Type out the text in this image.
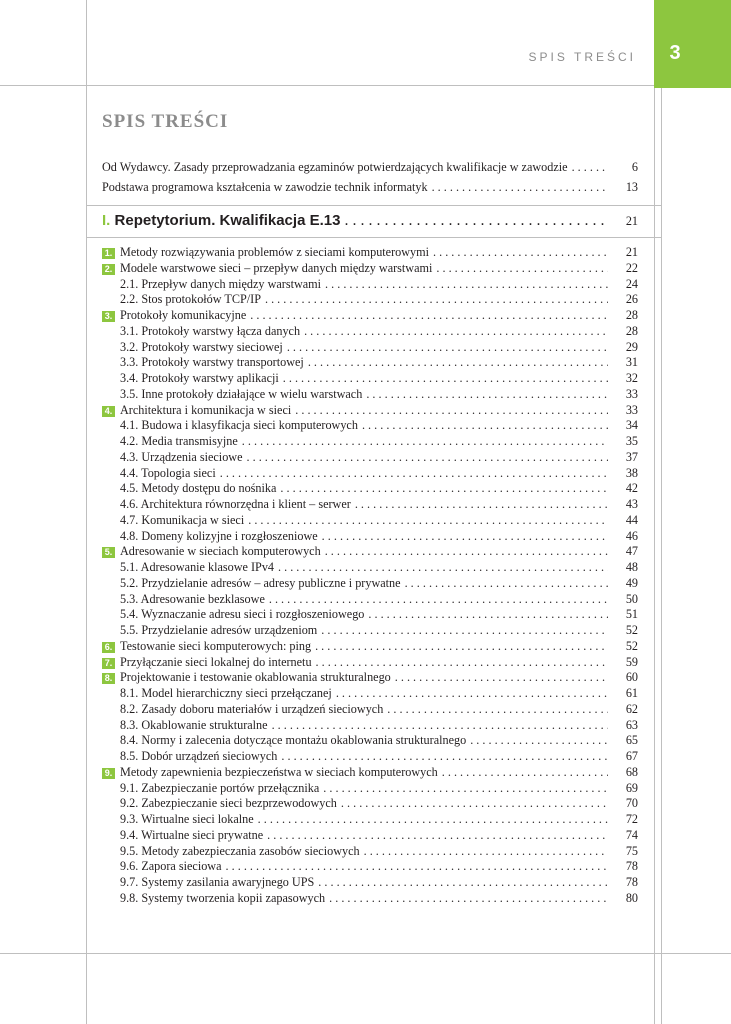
3
SPIS TREŚCI
SPIS TREŚCI
Od Wydawcy. Zasady przeprowadzania egzaminów potwierdzających kwalifikacje w zawodzie . . .	6
Podstawa programowa kształcenia w zawodzie technik informatyk . . .	13
I. Repetytorium. Kwalifikacja E.13 . . .	21
1. Metody rozwiązywania problemów z sieciami komputerowymi . . .	21
2. Modele warstwowe sieci – przepływ danych między warstwami . . .	22
2.1. Przepływ danych między warstwami . . .	24
2.2. Stos protokołów TCP/IP . . .	26
3. Protokoły komunikacyjne . . .	28
3.1. Protokoły warstwy łącza danych . . .	28
3.2. Protokoły warstwy sieciowej . . .	29
3.3. Protokoły warstwy transportowej . . .	31
3.4. Protokoły warstwy aplikacji . . .	32
3.5. Inne protokoły działające w wielu warstwach . . .	33
4. Architektura i komunikacja w sieci . . .	33
4.1. Budowa i klasyfikacja sieci komputerowych . . .	34
4.2. Media transmisyjne . . .	35
4.3. Urządzenia sieciowe . . .	37
4.4. Topologia sieci . . .	38
4.5. Metody dostępu do nośnika . . .	42
4.6. Architektura równorzędna i klient – serwer . . .	43
4.7. Komunikacja w sieci . . .	44
4.8. Domeny kolizyjne i rozgłoszeniowe . . .	46
5. Adresowanie w sieciach komputerowych . . .	47
5.1. Adresowanie klasowe IPv4 . . .	48
5.2. Przydzielanie adresów – adresy publiczne i prywatne . . .	49
5.3. Adresowanie bezklasowe . . .	50
5.4. Wyznaczanie adresu sieci i rozgłoszeniowego . . .	51
5.5. Przydzielanie adresów urządzeniom . . .	52
6. Testowanie sieci komputerowych: ping . . .	52
7. Przyłączanie sieci lokalnej do internetu . . .	59
8. Projektowanie i testowanie okablowania strukturalnego . . .	60
8.1. Model hierarchiczny sieci przełączanej . . .	61
8.2. Zasady doboru materiałów i urządzeń sieciowych . . .	62
8.3. Okablowanie strukturalne . . .	63
8.4. Normy i zalecenia dotyczące montażu okablowania strukturalnego . . .	65
8.5. Dobór urządzeń sieciowych . . .	67
9. Metody zapewnienia bezpieczeństwa w sieciach komputerowych . . .	68
9.1. Zabezpieczanie portów przełącznika . . .	69
9.2. Zabezpieczanie sieci bezprzewodowych . . .	70
9.3. Wirtualne sieci lokalne . . .	72
9.4. Wirtualne sieci prywatne . . .	74
9.5. Metody zabezpieczania zasobów sieciowych . . .	75
9.6. Zapora sieciowa . . .	78
9.7. Systemy zasilania awaryjnego UPS . . .	78
9.8. Systemy tworzenia kopii zapasowych . . .	80
